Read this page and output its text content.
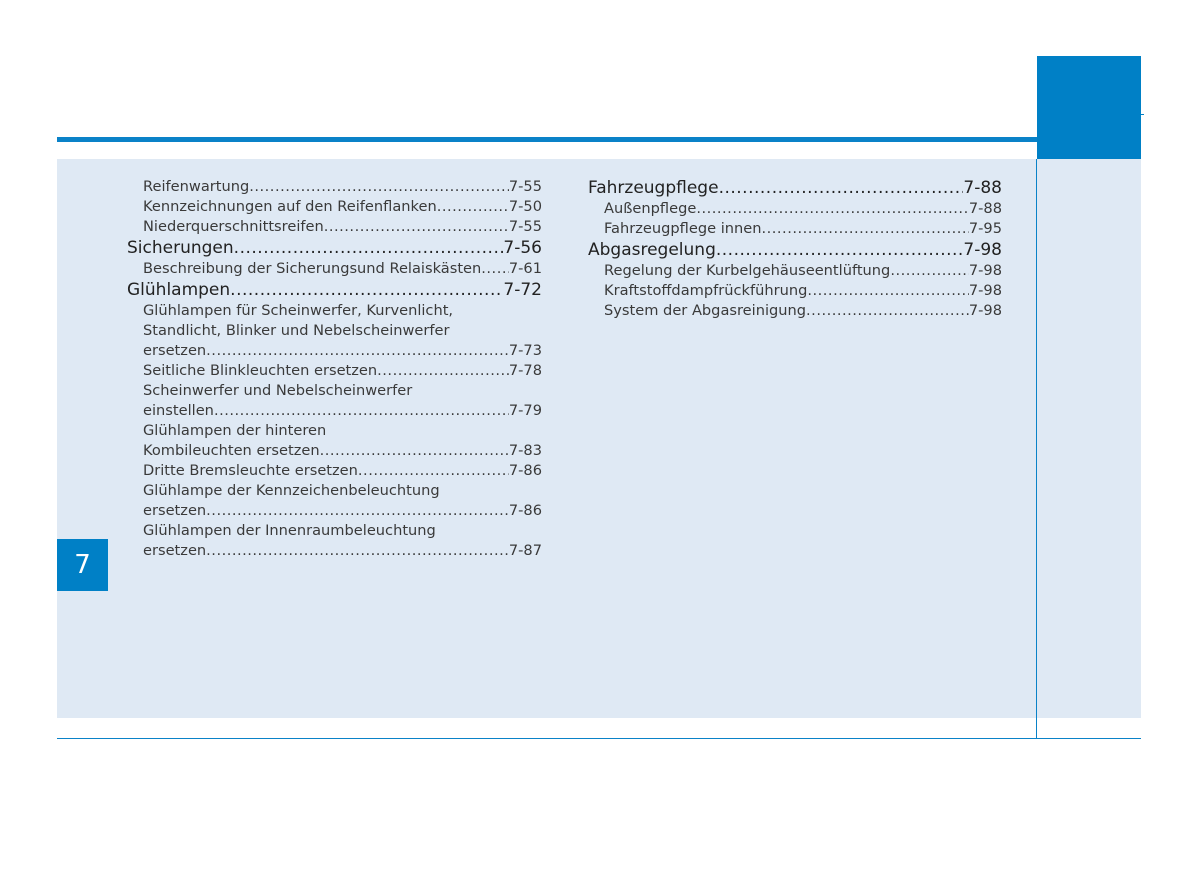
7
Reifenwartung .....	7-55
Kennzeichnungen auf den Reifenflanken .....	7-50
Niederquerschnittsreifen .....	7-55
Sicherungen .....	7-56
Beschreibung der Sicherungsund Relaiskästen ..... 7-61
Glühlampen .....	7-72
Glühlampen für Scheinwerfer, Kurvenlicht,
Standlicht, Blinker und Nebelscheinwerfer
ersetzen .....	7-73
Seitliche Blinkleuchten ersetzen .....	7-78
Scheinwerfer und Nebelscheinwerfer
einstellen .....	7-79
Glühlampen der hinteren
Kombileuchten ersetzen .....	7-83
Dritte Bremsleuchte ersetzen .....	7-86
Glühlampe der Kennzeichenbeleuchtung
ersetzen .....	7-86
Glühlampen der Innenraumbeleuchtung
ersetzen .....	7-87
Fahrzeugpflege .....	7-88
Außenpflege .....	7-88
Fahrzeugpflege innen .....	7-95
Abgasregelung .....	7-98
Regelung der Kurbelgehäuseentlüftung .....	7-98
Kraftstoffdampfrückführung .....	7-98
System der Abgasreinigung .....	7-98
